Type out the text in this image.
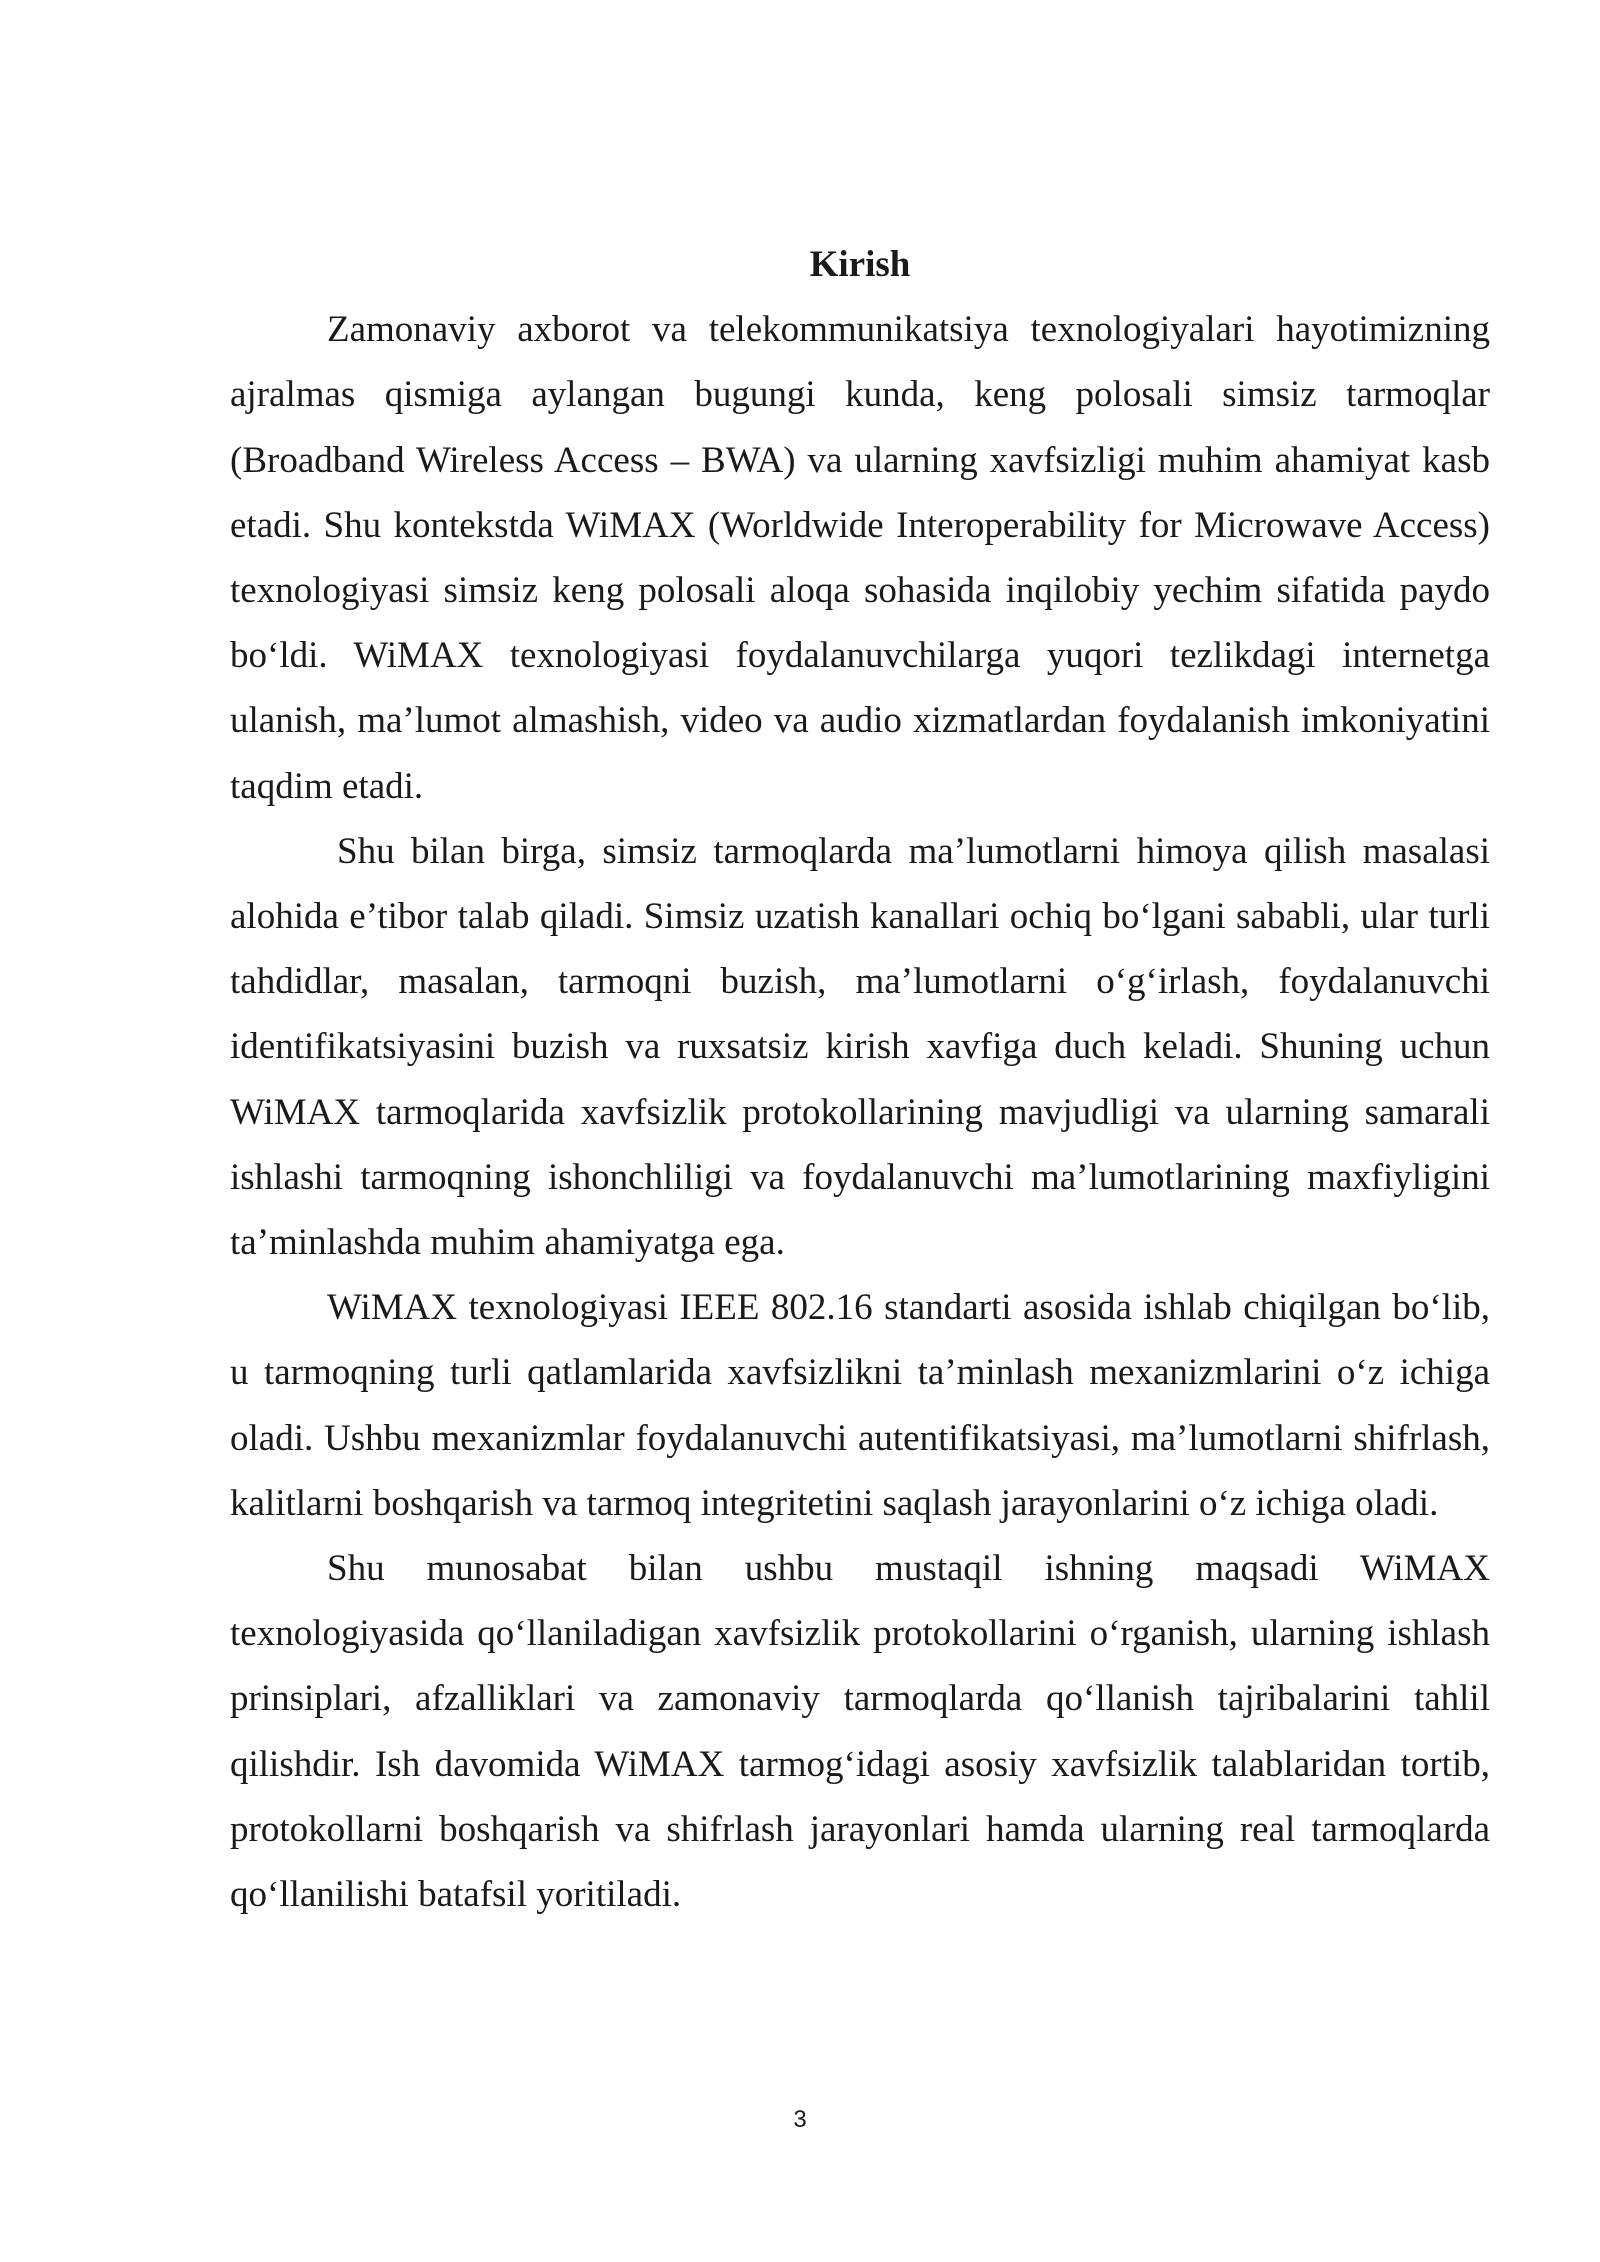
Kirish

Zamonaviy axborot va telekommunikatsiya texnologiyalari hayotimizning ajralmas qismiga aylangan bugungi kunda, keng polosali simsiz tarmoqlar (Broadband Wireless Access – BWA) va ularning xavfsizligi muhim ahamiyat kasb etadi. Shu kontekstda WiMAX (Worldwide Interoperability for Microwave Access) texnologiyasi simsiz keng polosali aloqa sohasida inqilobiy yechim sifatida paydo bo‘ldi. WiMAX texnologiyasi foydalanuvchilarga yuqori tezlikdagi internetga ulanish, ma’lumot almashish, video va audio xizmatlardan foydalanish imkoniyatini taqdim etadi.

Shu bilan birga, simsiz tarmoqlarda ma’lumotlarni himoya qilish masalasi alohida e’tibor talab qiladi. Simsiz uzatish kanallari ochiq bo‘lgani sababli, ular turli tahdidlar, masalan, tarmoqni buzish, ma’lumotlarni o‘g‘irlash, foydalanuvchi identifikatsiyasini buzish va ruxsatsiz kirish xavfiga duch keladi. Shuning uchun WiMAX tarmoqlarida xavfsizlik protokollarining mavjudligi va ularning samarali ishlashi tarmoqning ishonchliligi va foydalanuvchi ma’lumotlarining maxfiyligini ta’minlashda muhim ahamiyatga ega.

WiMAX texnologiyasi IEEE 802.16 standarti asosida ishlab chiqilgan bo‘lib, u tarmoqning turli qatlamlarida xavfsizlikni ta’minlash mexanizmlarini o‘z ichiga oladi. Ushbu mexanizmlar foydalanuvchi autentifikatsiyasi, ma’lumotlarni shifrlash, kalitlarni boshqarish va tarmoq integritetini saqlash jarayonlarini o‘z ichiga oladi.

Shu munosabat bilan ushbu mustaqil ishning maqsadi WiMAX texnologiyasida qo‘llaniladigan xavfsizlik protokollarini o‘rganish, ularning ishlash prinsiplari, afzalliklari va zamonaviy tarmoqlarda qo‘llanish tajribalarini tahlil qilishdir. Ish davomida WiMAX tarmog‘idagi asosiy xavfsizlik talablaridan tortib, protokollarni boshqarish va shifrlash jarayonlari hamda ularning real tarmoqlarda qo‘llanilishi batafsil yoritiladi.

3
